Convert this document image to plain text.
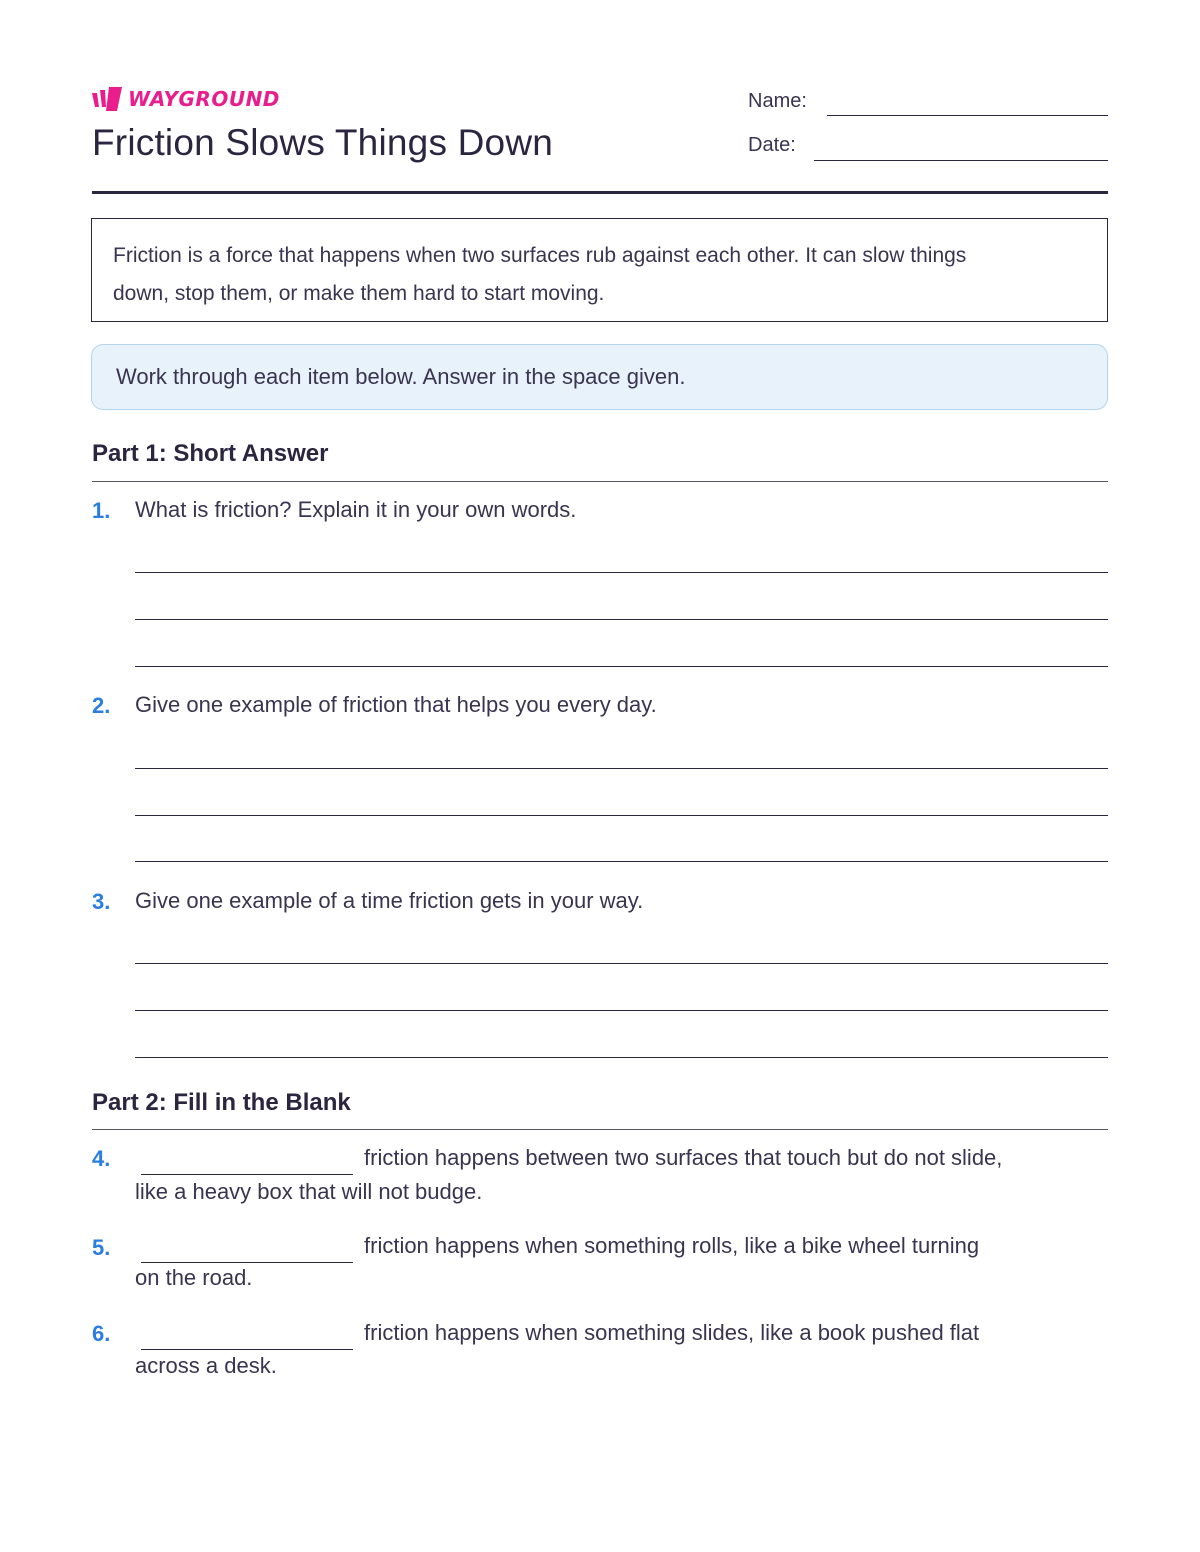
WAYGROUND
Friction Slows Things Down
Name:
Date:
Friction is a force that happens when two surfaces rub against each other. It can slow things
down, stop them, or make them hard to start moving.
Work through each item below. Answer in the space given.
Part 1: Short Answer
1. What is friction? Explain it in your own words.
2. Give one example of friction that helps you every day.
3. Give one example of a time friction gets in your way.
Part 2: Fill in the Blank
4.	friction happens between two surfaces that touch but do not slide,
like a heavy box that will not budge.
5.	friction happens when something rolls, like a bike wheel turning
on the road.
6.	friction happens when something slides, like a book pushed flat
across a desk.
